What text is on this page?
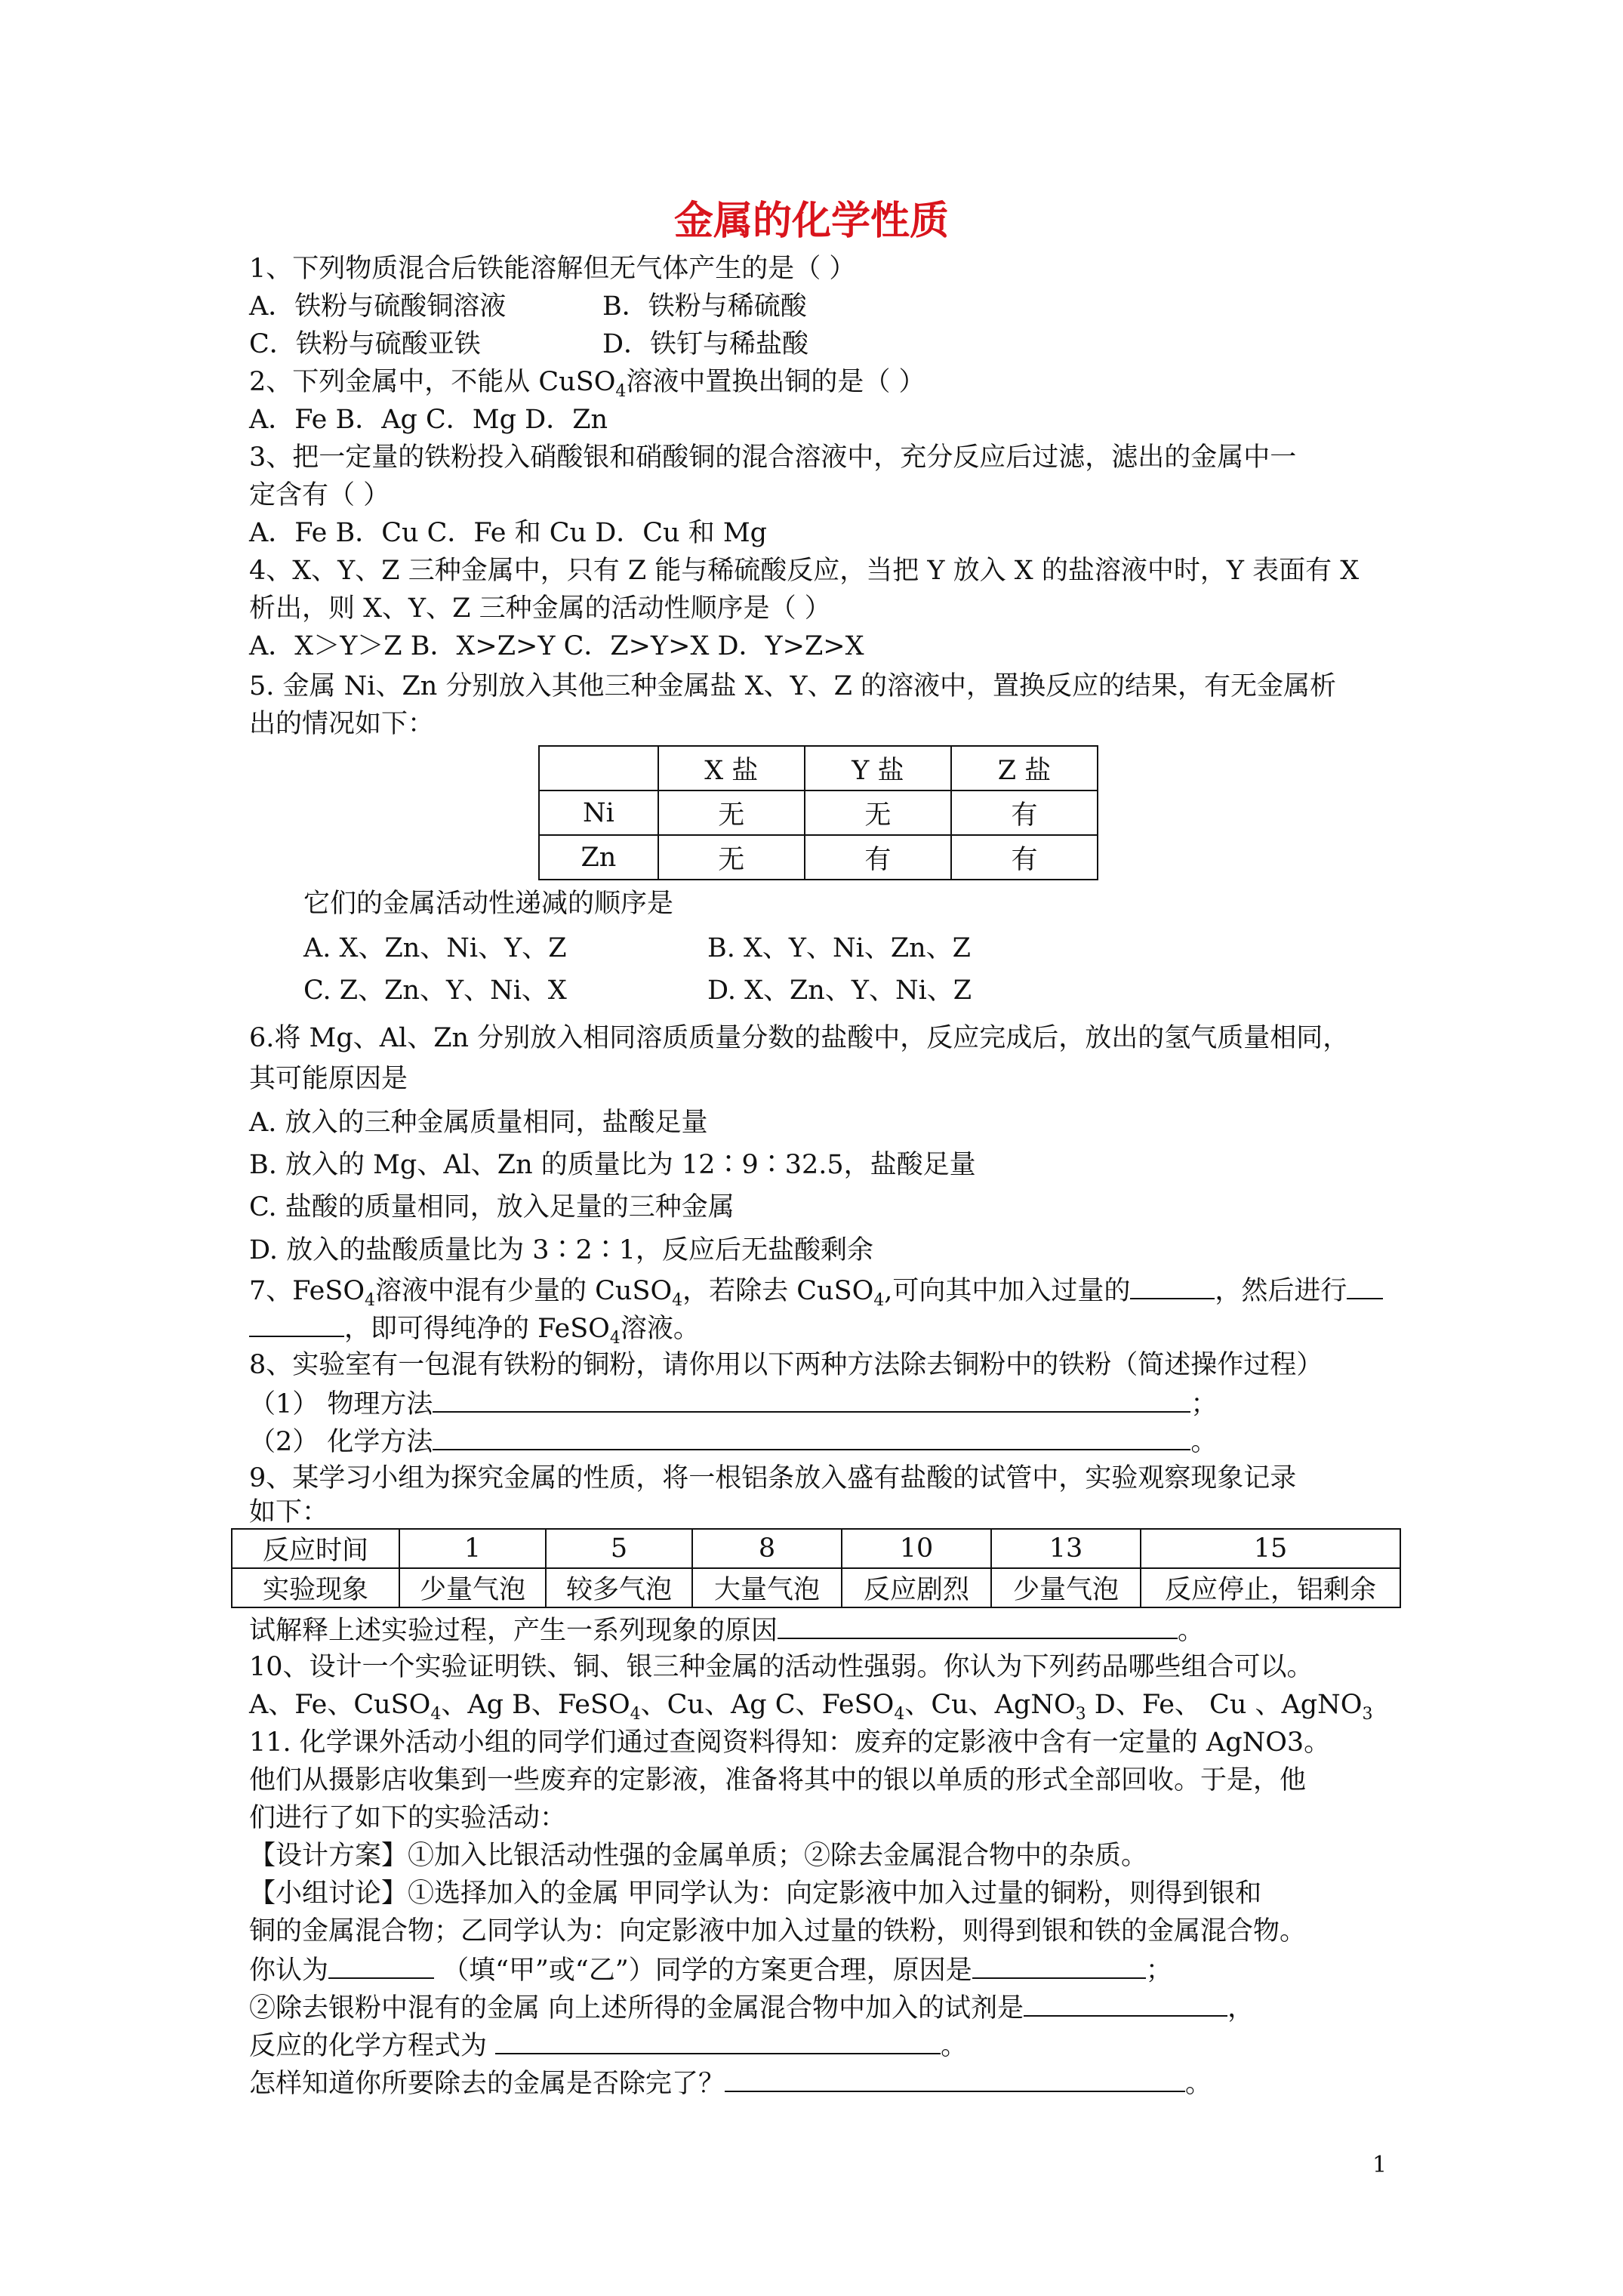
金属的化学性质
1、下列物质混合后铁能溶解但无气体产生的是（ ）
A．铁粉与硫酸铜溶液	B．铁粉与稀硫酸
C．铁粉与硫酸亚铁	D．铁钉与稀盐酸
2、下列金属中，不能从 CuSO$_4$溶液中置换出铜的是（ ）
A．Fe B．Ag C．Mg D．Zn
3、把一定量的铁粉投入硝酸银和硝酸铜的混合溶液中，充分反应后过滤，滤出的金属中一
定含有（ ）
A．Fe B．Cu C．Fe 和 Cu D．Cu 和 Mg
4、X、Y、Z 三种金属中，只有 Z 能与稀硫酸反应，当把 Y 放入 X 的盐溶液中时，Y 表面有 X
析出，则 X、Y、Z 三种金属的活动性顺序是（ ）
A．X＞Y＞Z B．X>Z>Y C．Z>Y>X D．Y>Z>X
5. 金属 Ni、Zn 分别放入其他三种金属盐 X、Y、Z 的溶液中，置换反应的结果，有无金属析
出的情况如下：
	X 盐	Y 盐	Z 盐
Ni	无	无	有
Zn	无	有	有
它们的金属活动性递减的顺序是
A. X、Zn、Ni、Y、Z	B. X、Y、Ni、Zn、Z
C. Z、Zn、Y、Ni、X	D. X、Zn、Y、Ni、Z
6.将 Mg、Al、Zn 分别放入相同溶质质量分数的盐酸中，反应完成后，放出的氢气质量相同，
其可能原因是
A. 放入的三种金属质量相同，盐酸足量
B. 放入的 Mg、Al、Zn 的质量比为 12∶9∶32.5，盐酸足量
C. 盐酸的质量相同，放入足量的三种金属
D. 放入的盐酸质量比为 3∶2∶1，反应后无盐酸剩余
7、FeSO$_4$溶液中混有少量的 CuSO$_4$，若除去 CuSO$_4$,可向其中加入过量的	，然后进行
，即可得纯净的 FeSO$_4$溶液。
8、实验室有一包混有铁粉的铜粉，请你用以下两种方法除去铜粉中的铁粉（简述操作过程）
（1） 物理方法	；
（2） 化学方法	。
9、某学习小组为探究金属的性质，将一根铝条放入盛有盐酸的试管中，实验观察现象记录
如下：
反应时间	1	5	8	10	13	15
实验现象	少量气泡	较多气泡	大量气泡	反应剧烈	少量气泡	反应停止，铝剩余
试解释上述实验过程，产生一系列现象的原因	。
10、设计一个实验证明铁、铜、银三种金属的活动性强弱。你认为下列药品哪些组合可以。
A、Fe、CuSO$_4$、Ag B、FeSO$_4$、Cu、Ag C、FeSO$_4$、Cu、AgNO$_3$ D、Fe、 Cu 、AgNO$_3$
11. 化学课外活动小组的同学们通过查阅资料得知：废弃的定影液中含有一定量的 AgNO3。
他们从摄影店收集到一些废弃的定影液，准备将其中的银以单质的形式全部回收。于是，他
们进行了如下的实验活动：
【设计方案】①加入比银活动性强的金属单质；②除去金属混合物中的杂质。
【小组讨论】①选择加入的金属 甲同学认为：向定影液中加入过量的铜粉，则得到银和
铜的金属混合物；乙同学认为：向定影液中加入过量的铁粉，则得到银和铁的金属混合物。
你认为	（填“甲”或“乙”）同学的方案更合理，原因是	；
②除去银粉中混有的金属 向上述所得的金属混合物中加入的试剂是	，
反应的化学方程式为	。
怎样知道你所要除去的金属是否除完了？	。
1
